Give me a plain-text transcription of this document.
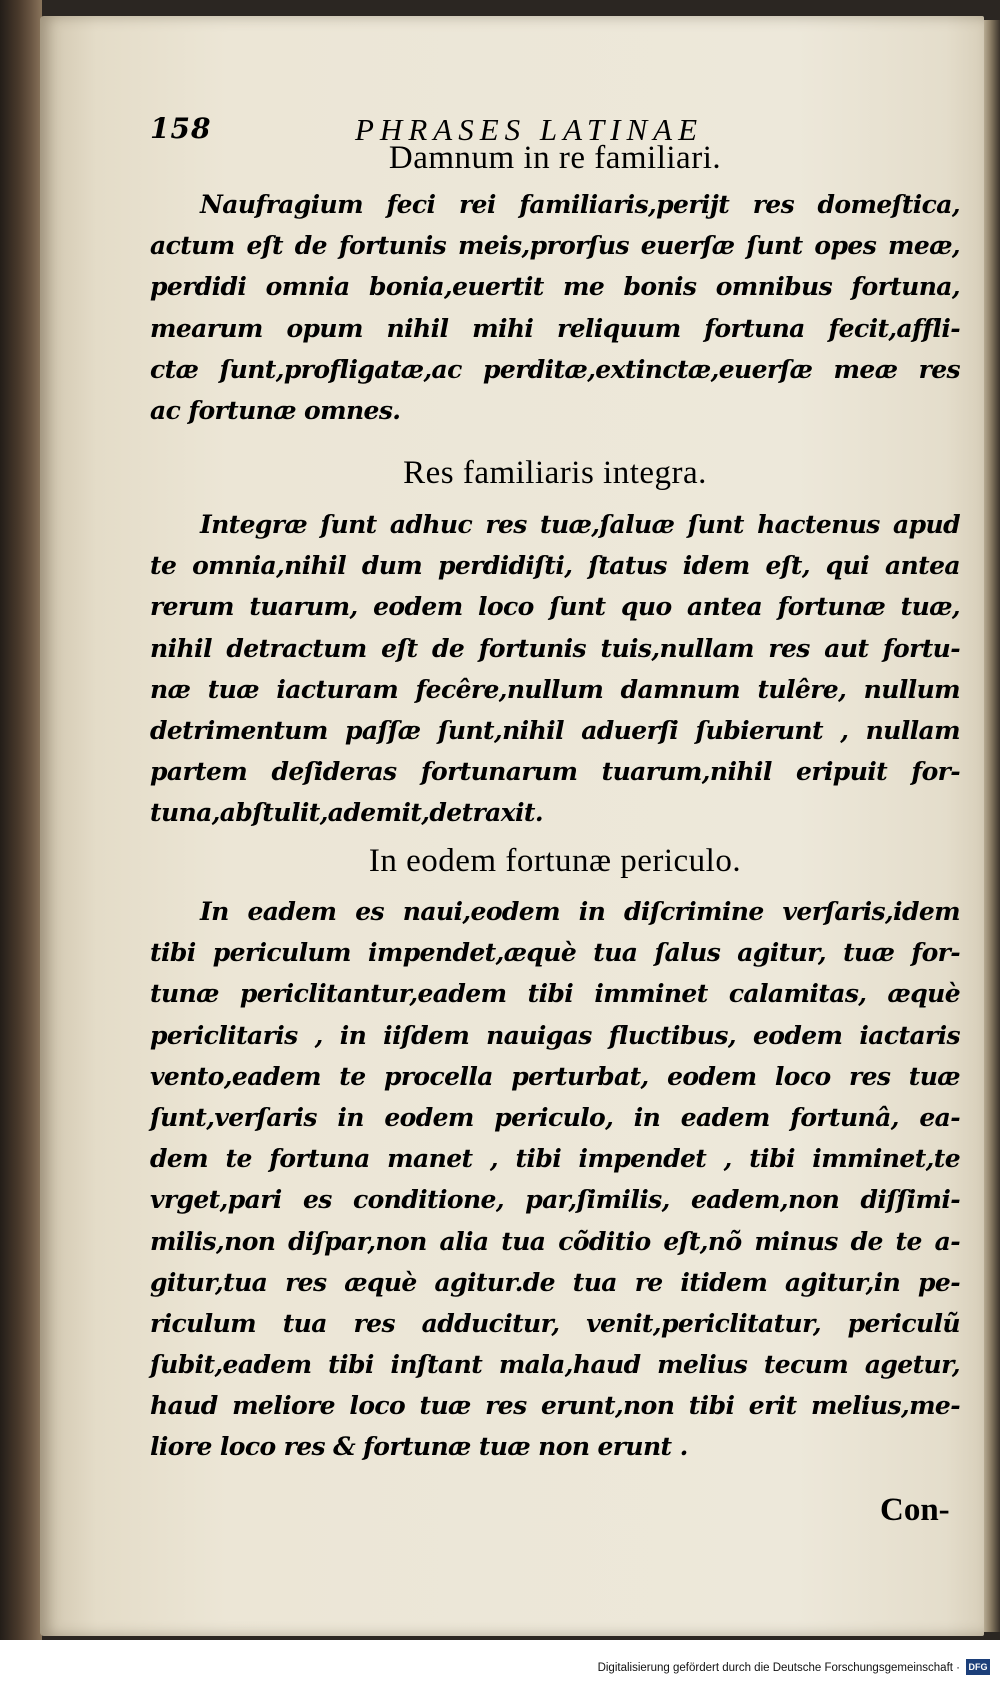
158	PHRASES LATINAE
Damnum in re familiari.
Naufragium feci rei familiaris,perijt res domeſtica,
actum eſt de fortunis meis,prorſus euerſæ ſunt opes meæ,
perdidi omnia bonia,euertit me bonis omnibus fortuna,
mearum opum nihil mihi reliquum fortuna fecit,affli-
ctæ ſunt,profligatæ,ac perditæ,extinctæ,euerſæ meæ res
ac fortunæ omnes.
Res familiaris integra.
Integræ ſunt adhuc res tuæ,ſaluæ ſunt hactenus apud
te omnia,nihil dum perdidiſti, ſtatus idem eſt, qui antea
rerum tuarum, eodem loco ſunt quo antea fortunæ tuæ,
nihil detractum eſt de fortunis tuis,nullam res aut fortu-
næ tuæ iacturam fecêre,nullum damnum tulêre, nullum
detrimentum paſſæ ſunt,nihil aduerſi ſubierunt , nullam
partem deſideras fortunarum tuarum,nihil eripuit for-
tuna,abſtulit,ademit,detraxit.
In eodem fortunæ periculo.
In eadem es naui,eodem in diſcrimine verſaris,idem
tibi periculum impendet,æquè tua ſalus agitur, tuæ for-
tunæ periclitantur,eadem tibi imminet calamitas, æquè
periclitaris , in iiſdem nauigas fluctibus, eodem iactaris
vento,eadem te procella perturbat, eodem loco res tuæ
ſunt,verſaris in eodem periculo, in eadem fortunâ, ea-
dem te fortuna manet , tibi impendet , tibi imminet,te
vrget,pari es conditione, par,ſimilis, eadem,non diſſimi-
milis,non diſpar,non alia tua cõditio eſt,nõ minus de te a-
gitur,tua res æquè agitur.de tua re itidem agitur,in pe-
riculum tua res adducitur, venit,periclitatur, periculũ
ſubit,eadem tibi inſtant mala,haud melius tecum agetur,
haud meliore loco tuæ res erunt,non tibi erit melius,me-
liore loco res & fortunæ tuæ non erunt .
Con-
Digitalisierung gefördert durch die Deutsche Forschungsgemeinschaft · DFG
